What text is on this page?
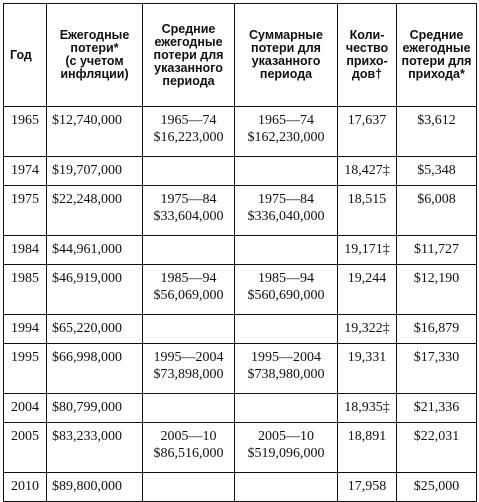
Год	Ежегодные
потери*
(с учетом
инфляции)	Средние
ежегодные
потери для
указанного
периода	Суммарные
потери для
указанного
периода	Коли-
чество
прихо-
дов†	Средние
ежегодные
потери для
прихода*

1965	$12,740,000	1965—74
$16,223,000	1965—74
$162,230,000	17,637	$3,612
1974	$19,707,000			18,427‡	$5,348
1975	$22,248,000	1975—84
$33,604,000	1975—84
$336,040,000	18,515	$6,008
1984	$44,961,000			19,171‡	$11,727
1985	$46,919,000	1985—94
$56,069,000	1985—94
$560,690,000	19,244	$12,190
1994	$65,220,000			19,322‡	$16,879
1995	$66,998,000	1995—2004
$73,898,000	1995—2004
$738,980,000	19,331	$17,330
2004	$80,799,000			18,935‡	$21,336
2005	$83,233,000	2005—10
$86,516,000	2005—10
$519,096,000	18,891	$22,031
2010	$89,800,000			17,958	$25,000
